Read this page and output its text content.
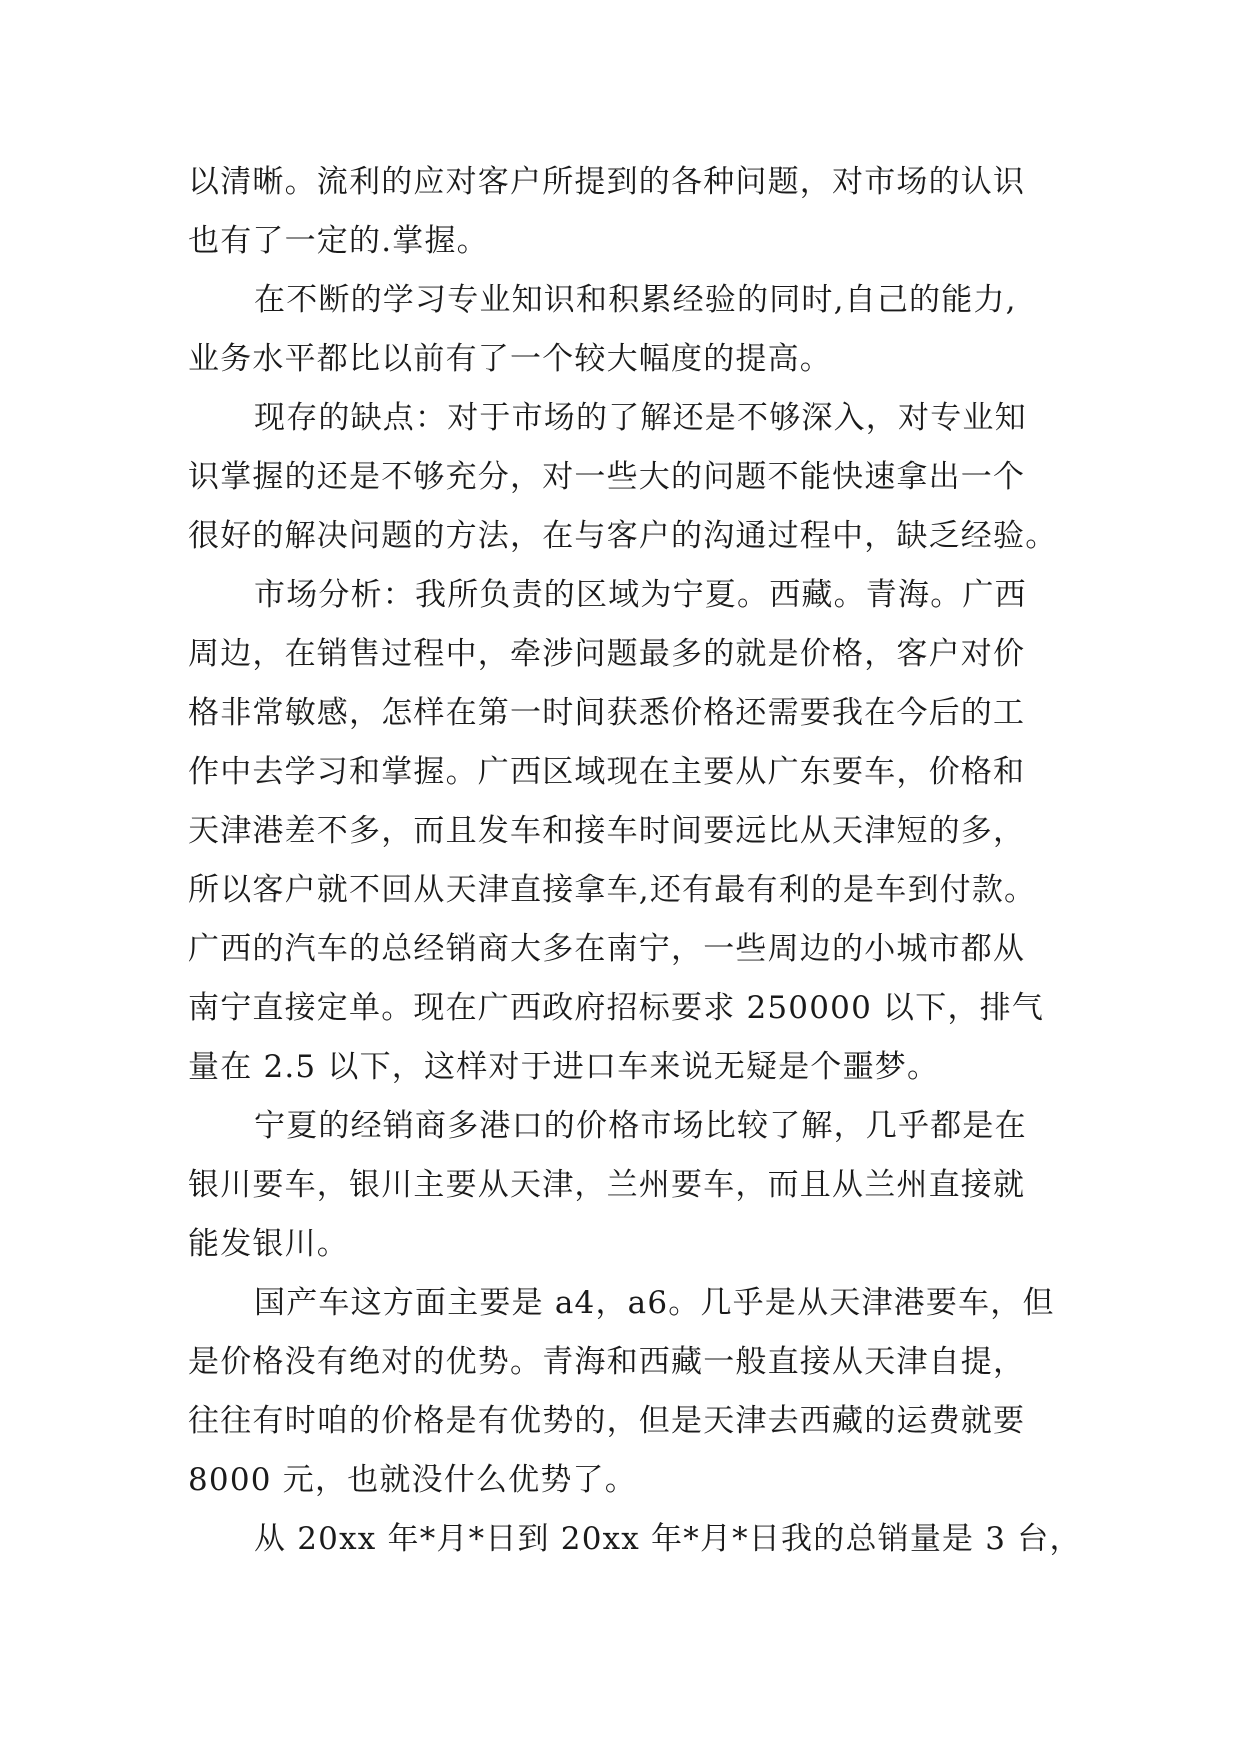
以清晰。流利的应对客户所提到的各种问题，对市场的认识
也有了一定的.掌握。
在不断的学习专业知识和积累经验的同时,自己的能力,
业务水平都比以前有了一个较大幅度的提高。
现存的缺点：对于市场的了解还是不够深入，对专业知
识掌握的还是不够充分，对一些大的问题不能快速拿出一个
很好的解决问题的方法，在与客户的沟通过程中，缺乏经验。
市场分析：我所负责的区域为宁夏。西藏。青海。广西
周边，在销售过程中，牵涉问题最多的就是价格，客户对价
格非常敏感，怎样在第一时间获悉价格还需要我在今后的工
作中去学习和掌握。广西区域现在主要从广东要车，价格和
天津港差不多，而且发车和接车时间要远比从天津短的多，
所以客户就不回从天津直接拿车,还有最有利的是车到付款。
广西的汽车的总经销商大多在南宁，一些周边的小城市都从
南宁直接定单。现在广西政府招标要求 250000 以下，排气
量在 2.5 以下，这样对于进口车来说无疑是个噩梦。
宁夏的经销商多港口的价格市场比较了解，几乎都是在
银川要车，银川主要从天津，兰州要车，而且从兰州直接就
能发银川。
国产车这方面主要是 a4，a6。几乎是从天津港要车，但
是价格没有绝对的优势。青海和西藏一般直接从天津自提，
往往有时咱的价格是有优势的，但是天津去西藏的运费就要
8000 元，也就没什么优势了。
从 20xx 年*月*日到 20xx 年*月*日我的总销量是 3 台，
